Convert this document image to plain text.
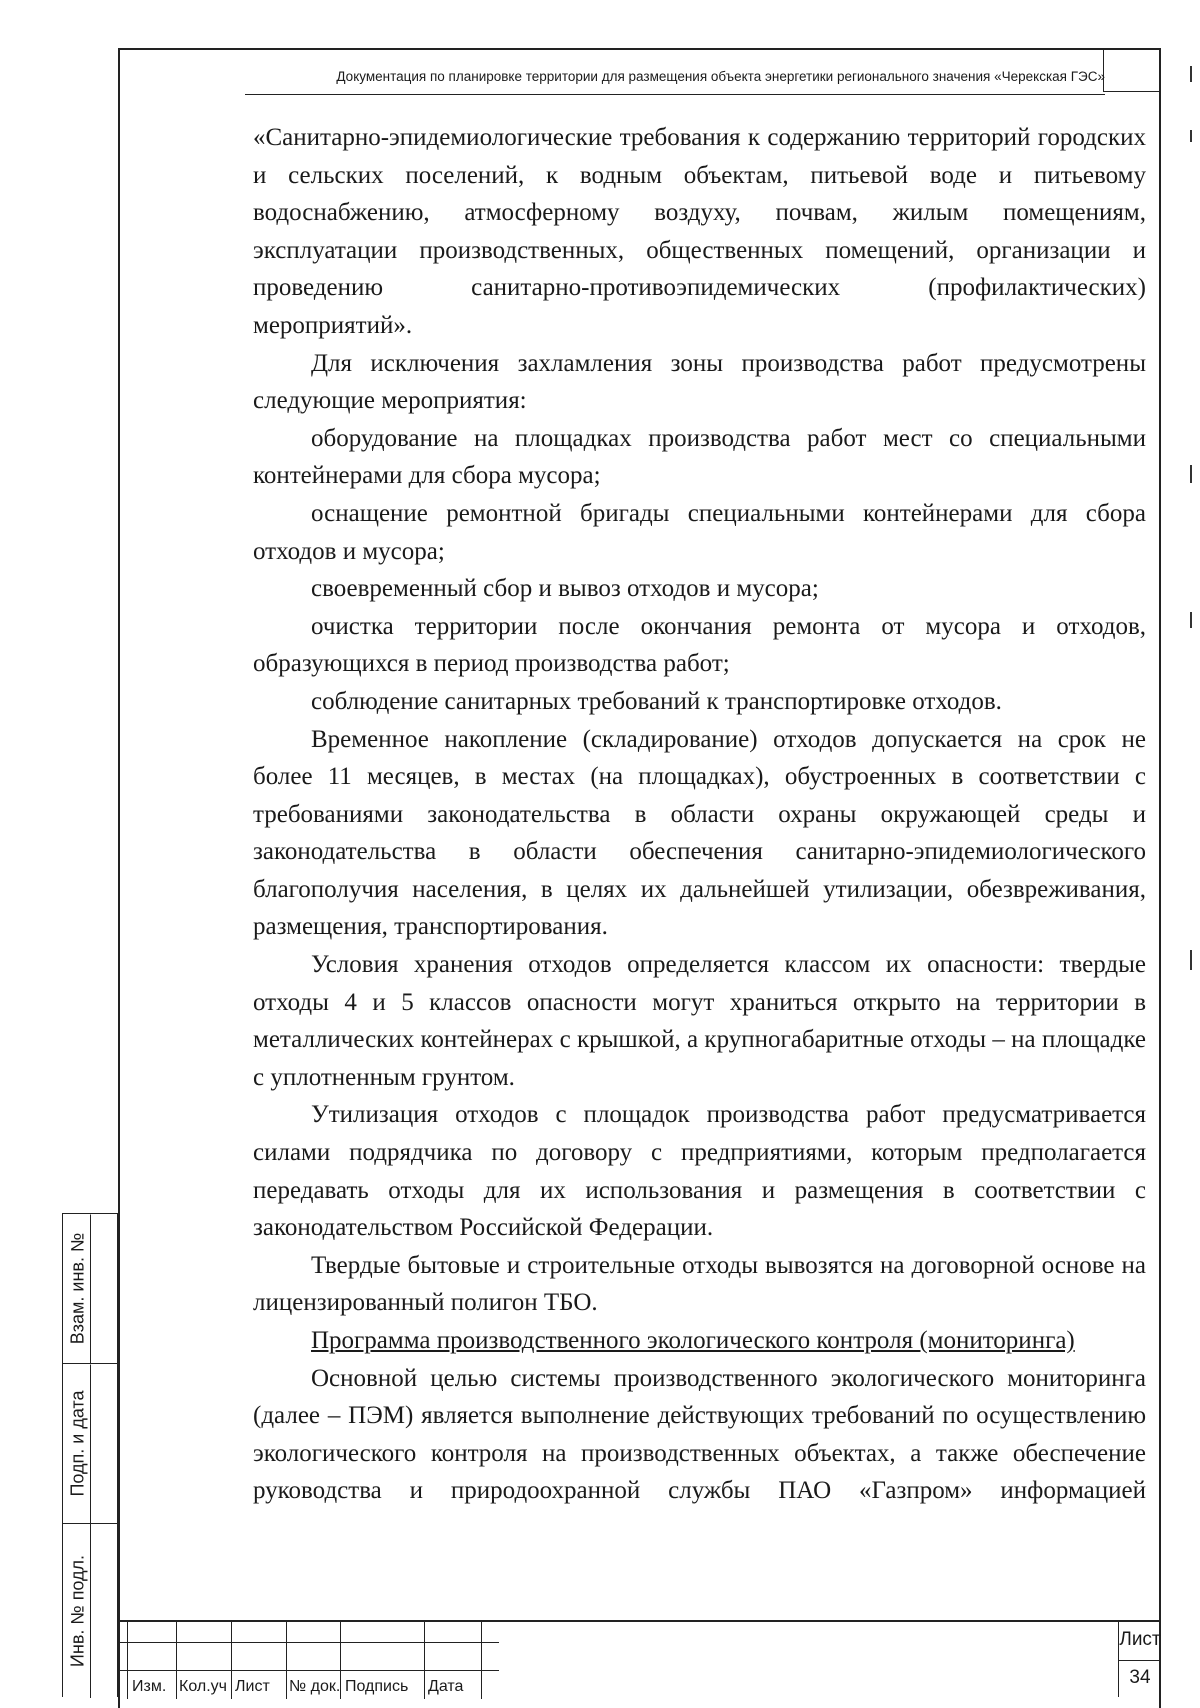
Документация по планировке территории для размещения объекта энергетики регионального значения «Черекская ГЭС»

«Санитарно-эпидемиологические требования к содержанию территорий городских и сельских поселений, к водным объектам, питьевой воде и питьевому водоснабжению, атмосферному воздуху, почвам, жилым помещениям, эксплуатации производственных, общественных помещений, организации и проведению санитарно-противоэпидемических (профилактических) мероприятий».

Для исключения захламления зоны производства работ предусмотрены следующие мероприятия:

оборудование на площадках производства работ мест со специальными контейнерами для сбора мусора;

оснащение ремонтной бригады специальными контейнерами для сбора отходов и мусора;

своевременный сбор и вывоз отходов и мусора;

очистка территории после окончания ремонта от мусора и отходов, образующихся в период производства работ;

соблюдение санитарных требований к транспортировке отходов.

Временное накопление (складирование) отходов допускается на срок не более 11 месяцев, в местах (на площадках), обустроенных в соответствии с требованиями законодательства в области охраны окружающей среды и законодательства в области обеспечения санитарно-эпидемиологического благополучия населения, в целях их дальнейшей утилизации, обезвреживания, размещения, транспортирования.

Условия хранения отходов определяется классом их опасности: твердые отходы 4 и 5 классов опасности могут храниться открыто на территории в металлических контейнерах с крышкой, а крупногабаритные отходы – на площадке с уплотненным грунтом.

Утилизация отходов с площадок производства работ предусматривается силами подрядчика по договору с предприятиями, которым предполагается передавать отходы для их использования и размещения в соответствии с законодательством Российской Федерации.

Твердые бытовые и строительные отходы вывозятся на договорной основе на лицензированный полигон ТБО.

Программа производственного экологического контроля (мониторинга)

Основной целью системы производственного экологического мониторинга (далее – ПЭМ) является выполнение действующих требований по осуществлению экологического контроля на производственных объектах, а также обеспечение руководства и природоохранной службы ПАО «Газпром» информацией

Взам. инв. №
Подп. и дата
Инв. № подл.
Изм. Кол.уч Лист № док. Подпись Дата
Лист
34
